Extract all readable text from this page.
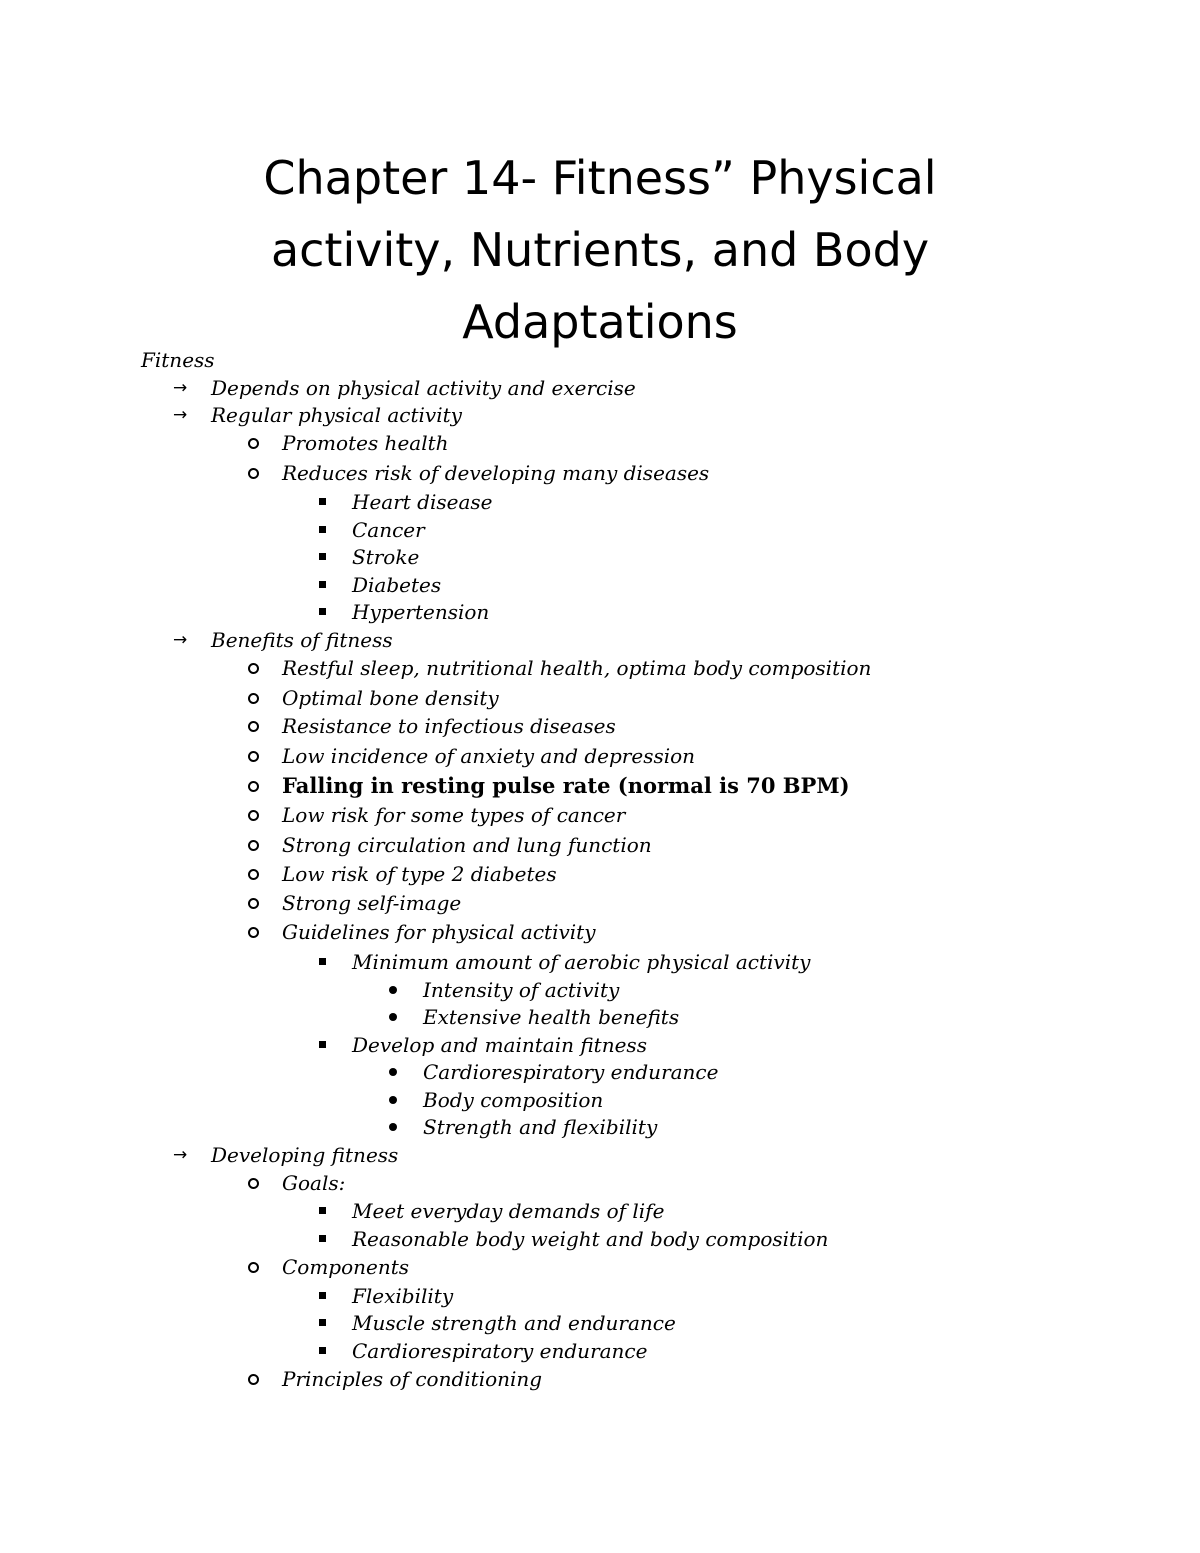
Chapter 14- Fitness” Physical
activity, Nutrients, and Body
Adaptations
Fitness
→ Depends on physical activity and exercise
→ Regular physical activity
Promotes health
Reduces risk of developing many diseases
Heart disease
Cancer
Stroke
Diabetes
Hypertension
→ Benefits of fitness
Restful sleep, nutritional health, optima body composition
Optimal bone density
Resistance to infectious diseases
Low incidence of anxiety and depression
Falling in resting pulse rate (normal is 70 BPM)
Low risk for some types of cancer
Strong circulation and lung function
Low risk of type 2 diabetes
Strong self-image
Guidelines for physical activity
Minimum amount of aerobic physical activity
Intensity of activity
Extensive health benefits
Develop and maintain fitness
Cardiorespiratory endurance
Body composition
Strength and flexibility
→ Developing fitness
Goals:
Meet everyday demands of life
Reasonable body weight and body composition
Components
Flexibility
Muscle strength and endurance
Cardiorespiratory endurance
Principles of conditioning
